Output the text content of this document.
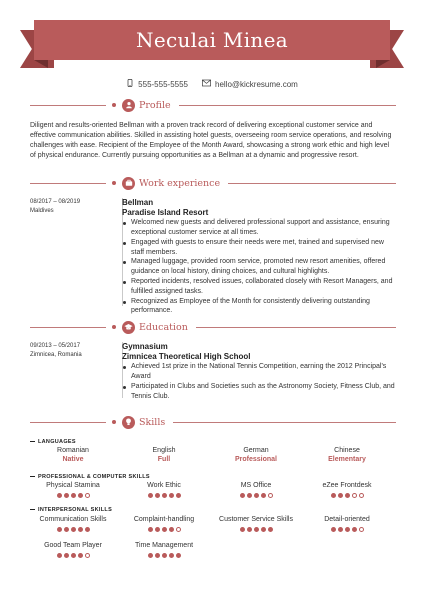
Neculai Minea
555-555-5555	hello@kickresume.com
Profile

Diligent and results-oriented Bellman with a proven track record of delivering exceptional customer service and effective communication abilities. Skilled in assisting hotel guests, overseeing room service operations, and resolving challenges with ease. Recipient of the Employee of the Month Award, showcasing a strong work ethic and high level of physical endurance. Currently pursuing opportunities as a Bellman at a dynamic and progressive resort.

Work experience
08/2017 – 08/2019
Maldives
Bellman
Paradise Island Resort
Welcomed new guests and delivered professional support and assistance, ensuring exceptional customer service at all times.
Engaged with guests to ensure their needs were met, trained and supervised new staff members.
Managed luggage, provided room service, promoted new resort amenities, offered guidance on local history, dining choices, and cultural highlights.
Reported incidents, resolved issues, collaborated closely with Resort Managers, and fulfilled assigned tasks.
Recognized as Employee of the Month for consistently delivering outstanding performance.
Education
09/2013 – 05/2017
Zimnicea, Romania
Gymnasium
Zimnicea Theoretical High School
Achieved 1st prize in the National Tennis Competition, earning the 2012 Principal's Award
Participated in Clubs and Societies such as the Astronomy Society, Fitness Club, and Tennis Club.
Skills
LANGUAGES
Romanian
Native
English
Full
German
Professional
Chinese
Elementary
PROFESSIONAL & COMPUTER SKILLS
Physical Stamina	Work Ethic	MS Office	eZee Frontdesk
INTERPERSONAL SKILLS
Communication Skills	Complaint-handling	Customer Service Skills	Detail-oriented
Good Team Player	Time Management
